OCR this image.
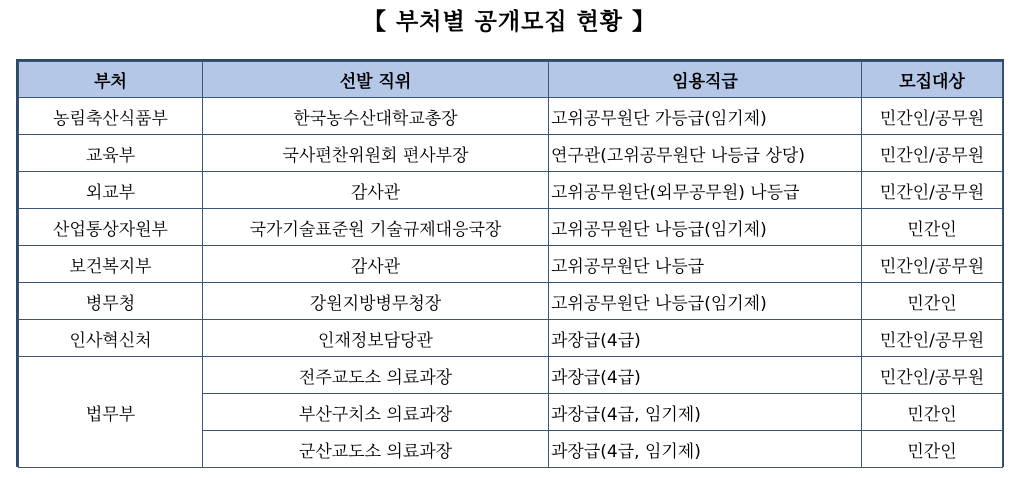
【 부처별 공개모집 현황 】
부처	선발 직위	임용직급	모집대상
농림축산식품부	한국농수산대학교총장	고위공무원단 가등급(임기제)	민간인/공무원
교육부	국사편찬위원회 편사부장	연구관(고위공무원단 나등급 상당)	민간인/공무원
외교부	감사관	고위공무원단(외무공무원) 나등급	민간인/공무원
산업통상자원부	국가기술표준원 기술규제대응국장	고위공무원단 나등급(임기제)	민간인
보건복지부	감사관	고위공무원단 나등급	민간인/공무원
병무청	강원지방병무청장	고위공무원단 나등급(임기제)	민간인
인사혁신처	인재정보담당관	과장급(4급)	민간인/공무원
법무부	전주교도소 의료과장	과장급(4급)	민간인/공무원
	부산구치소 의료과장	과장급(4급, 임기제)	민간인
	군산교도소 의료과장	과장급(4급, 임기제)	민간인
